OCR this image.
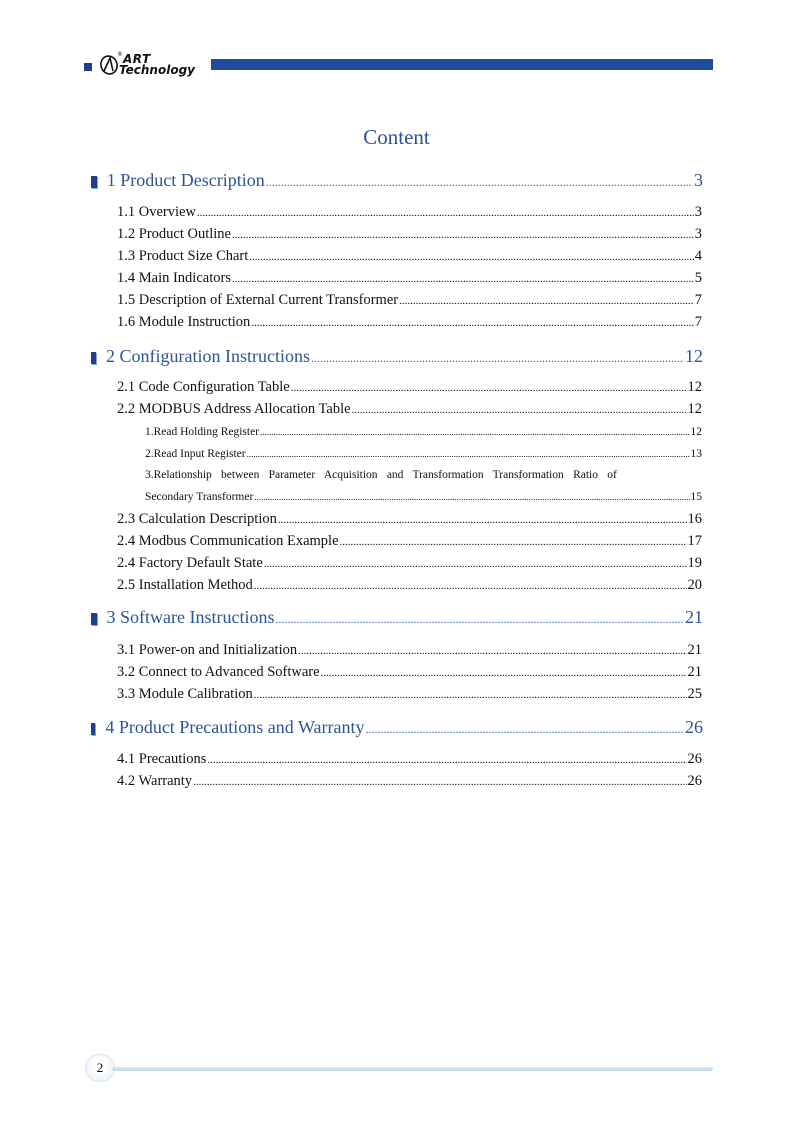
® ART
Technology
Content
1 Product Description .....	3
1.1 Overview .....	3
1.2 Product Outline .....	3
1.3 Product Size Chart .....	4
1.4 Main Indicators .....	5
1.5 Description of External Current Transformer .....	7
1.6 Module Instruction .....	7
2 Configuration Instructions .....	12
2.1 Code Configuration Table .....	12
2.2 MODBUS Address Allocation Table .....	12
1.Read Holding Register .....	12
2.Read Input Register .....	13
3.Relationship between Parameter Acquisition and Transformation Transformation Ratio of
Secondary Transformer .....	15
2.3 Calculation Description .....	16
2.4 Modbus Communication Example .....	17
2.4 Factory Default State .....	19
2.5 Installation Method .....	20
3 Software Instructions .....	21
3.1 Power-on and Initialization .....	21
3.2 Connect to Advanced Software .....	21
3.3 Module Calibration .....	25
4 Product Precautions and Warranty .....	26
4.1 Precautions .....	26
4.2 Warranty .....	26
2
